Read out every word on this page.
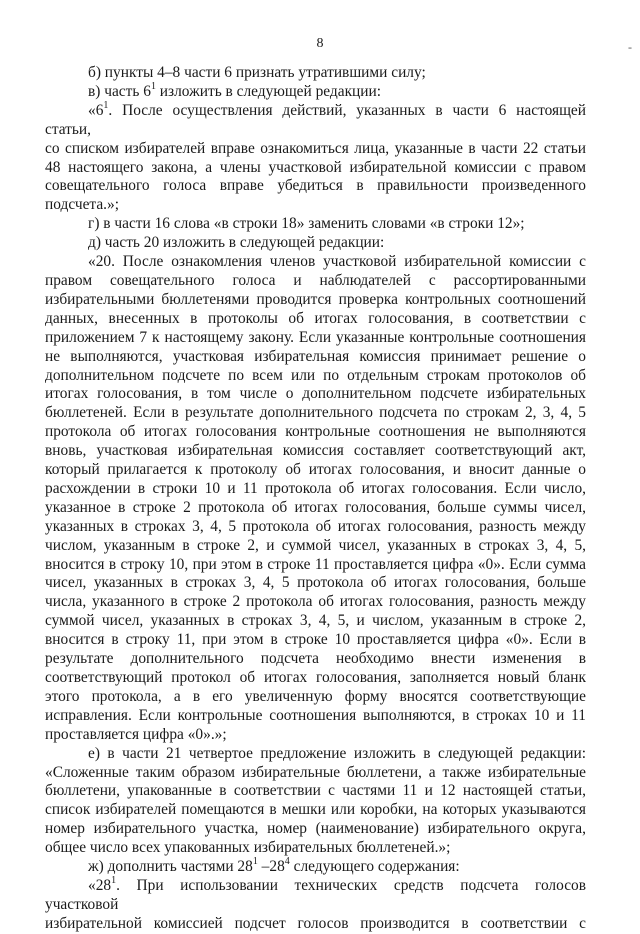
8	-

б) пункты 4–8 части 6 признать утратившими силу;

в) часть $6^1$ изложить в следующей редакции:

«$6^1$. После осуществления действий, указанных в части 6 настоящей статьи,
со списком избирателей вправе ознакомиться лица, указанные в части 22 статьи
48 настоящего закона, а члены участковой избирательной комиссии с правом
совещательного голоса вправе убедиться в правильности произведенного
подсчета.»;

г) в части 16 слова «в строки 18» заменить словами «в строки 12»;

д) часть 20 изложить в следующей редакции:

«20. После ознакомления членов участковой избирательной комиссии с
правом совещательного голоса и наблюдателей с рассортированными
избирательными бюллетенями проводится проверка контрольных соотношений
данных, внесенных в протоколы об итогах голосования, в соответствии с
приложением 7 к настоящему закону. Если указанные контрольные соотношения
не выполняются, участковая избирательная комиссия принимает решение о
дополнительном подсчете по всем или по отдельным строкам протоколов об
итогах голосования, в том числе о дополнительном подсчете избирательных
бюллетеней. Если в результате дополнительного подсчета по строкам 2, 3, 4, 5
протокола об итогах голосования контрольные соотношения не выполняются
вновь, участковая избирательная комиссия составляет соответствующий акт,
который прилагается к протоколу об итогах голосования, и вносит данные о
расхождении в строки 10 и 11 протокола об итогах голосования. Если число,
указанное в строке 2 протокола об итогах голосования, больше суммы чисел,
указанных в строках 3, 4, 5 протокола об итогах голосования, разность между
числом, указанным в строке 2, и суммой чисел, указанных в строках 3, 4, 5,
вносится в строку 10, при этом в строке 11 проставляется цифра «0». Если сумма
чисел, указанных в строках 3, 4, 5 протокола об итогах голосования, больше
числа, указанного в строке 2 протокола об итогах голосования, разность между
суммой чисел, указанных в строках 3, 4, 5, и числом, указанным в строке 2,
вносится в строку 11, при этом в строке 10 проставляется цифра «0». Если в
результате дополнительного подсчета необходимо внести изменения в
соответствующий протокол об итогах голосования, заполняется новый бланк
этого протокола, а в его увеличенную форму вносятся соответствующие
исправления. Если контрольные соотношения выполняются, в строках 10 и 11
проставляется цифра «0».»;

е) в части 21 четвертое предложение изложить в следующей редакции:
«Сложенные таким образом избирательные бюллетени, а также избирательные
бюллетени, упакованные в соответствии с частями 11 и 12 настоящей статьи,
список избирателей помещаются в мешки или коробки, на которых указываются
номер избирательного участка, номер (наименование) избирательного округа,
общее число всех упакованных избирательных бюллетеней.»;

ж) дополнить частями $28^1$ $-28^4$ следующего содержания:

«$28^1$. При использовании технических средств подсчета голосов участковой
избирательной комиссией подсчет голосов производится в соответствии с
